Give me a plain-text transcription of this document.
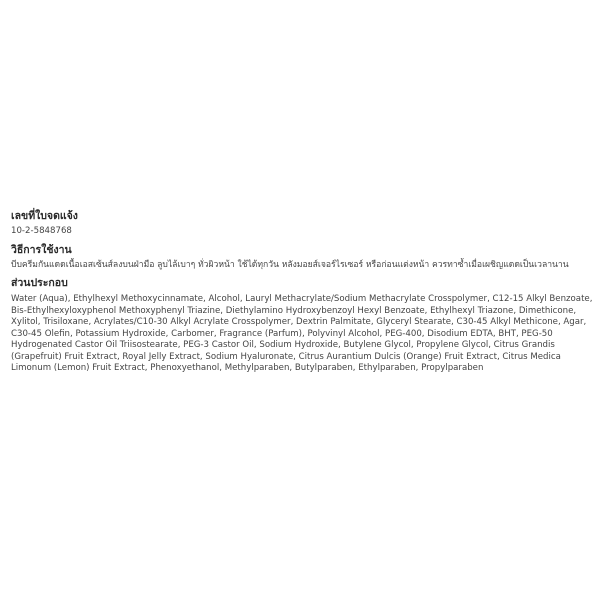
เลขที่ใบจดแจ้ง

10-2-5848768

วิธีการใช้งาน

บีบครีมกันแดดเนื้อเอสเซ้นส์ลงบนฝ่ามือ ลูบไล้เบาๆ ทั่วผิวหน้า ใช้ได้ทุกวัน หลังมอยส์เจอร์ไรเซอร์ หรือก่อนแต่งหน้า ควรทาซ้ำเมื่อเผชิญแดดเป็นเวลานาน

ส่วนประกอบ

Water (Aqua), Ethylhexyl Methoxycinnamate, Alcohol, Lauryl Methacrylate/Sodium Methacrylate Crosspolymer, C12-15 Alkyl Benzoate, Bis-Ethylhexyloxyphenol Methoxyphenyl Triazine, Diethylamino Hydroxybenzoyl Hexyl Benzoate, Ethylhexyl Triazone, Dimethicone, Xylitol, Trisiloxane, Acrylates/C10-30 Alkyl Acrylate Crosspolymer, Dextrin Palmitate, Glyceryl Stearate, C30-45 Alkyl Methicone, Agar, C30-45 Olefin, Potassium Hydroxide, Carbomer, Fragrance (Parfum), Polyvinyl Alcohol, PEG-400, Disodium EDTA, BHT, PEG-50 Hydrogenated Castor Oil Triisostearate, PEG-3 Castor Oil, Sodium Hydroxide, Butylene Glycol, Propylene Glycol, Citrus Grandis (Grapefruit) Fruit Extract, Royal Jelly Extract, Sodium Hyaluronate, Citrus Aurantium Dulcis (Orange) Fruit Extract, Citrus Medica Limonum (Lemon) Fruit Extract, Phenoxyethanol, Methylparaben, Butylparaben, Ethylparaben, Propylparaben
